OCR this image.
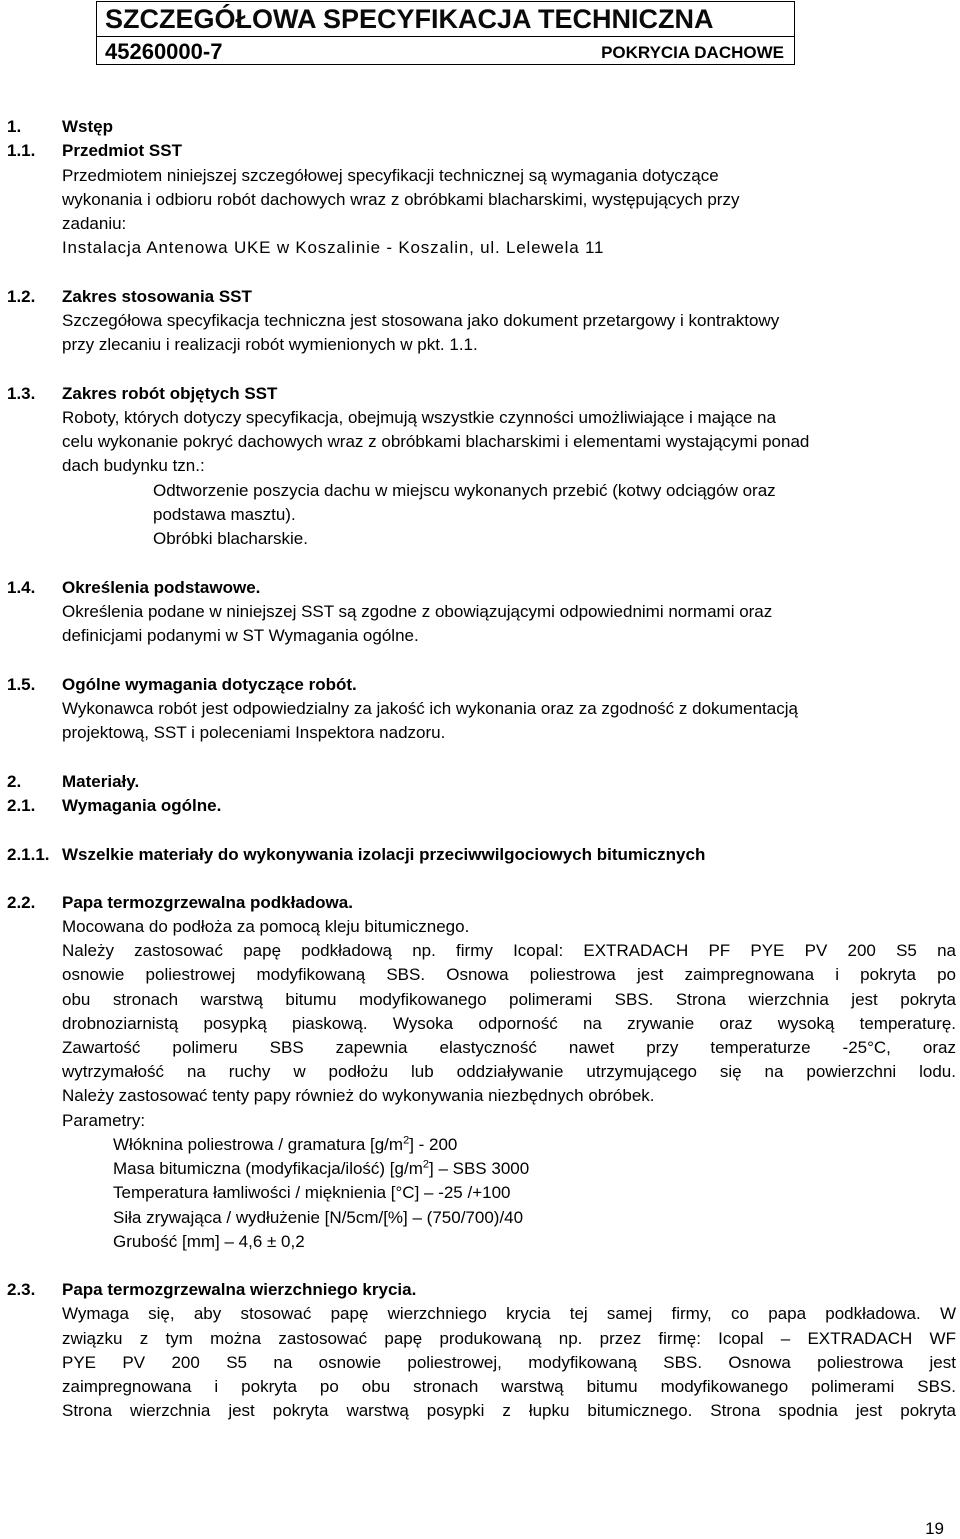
SZCZEGÓŁOWA SPECYFIKACJA TECHNICZNA
45260000-7	POKRYCIA DACHOWE
1. Wstęp
1.1. Przedmiot SST
Przedmiotem niniejszej szczegółowej specyfikacji technicznej są wymagania dotyczące
wykonania i odbioru robót dachowych wraz z obróbkami blacharskimi, występujących przy
zadaniu:
Instalacja Antenowa UKE w Koszalinie - Koszalin, ul. Lelewela 11
1.2. Zakres stosowania SST
Szczegółowa specyfikacja techniczna jest stosowana jako dokument przetargowy i kontraktowy
przy zlecaniu i realizacji robót wymienionych w pkt. 1.1.
1.3. Zakres robót objętych SST
Roboty, których dotyczy specyfikacja, obejmują wszystkie czynności umożliwiające i mające na
celu wykonanie pokryć dachowych wraz z obróbkami blacharskimi i elementami wystającymi ponad
dach budynku tzn.:
Odtworzenie poszycia dachu w miejscu wykonanych przebić (kotwy odciągów oraz
podstawa masztu).
Obróbki blacharskie.
1.4. Określenia podstawowe.
Określenia podane w niniejszej SST są zgodne z obowiązującymi odpowiednimi normami oraz
definicjami podanymi w ST Wymagania ogólne.
1.5. Ogólne wymagania dotyczące robót.
Wykonawca robót jest odpowiedzialny za jakość ich wykonania oraz za zgodność z dokumentacją
projektową, SST i poleceniami Inspektora nadzoru.
2. Materiały.
2.1. Wymagania ogólne.
2.1.1. Wszelkie materiały do wykonywania izolacji przeciwwilgociowych bitumicznych
2.2. Papa termozgrzewalna podkładowa.
Mocowana do podłoża za pomocą kleju bitumicznego.
Należy zastosować papę podkładową np. firmy Icopal: EXTRADACH PF PYE PV 200 S5 na
osnowie poliestrowej modyfikowaną SBS. Osnowa poliestrowa jest zaimpregnowana i pokryta po
obu stronach warstwą bitumu modyfikowanego polimerami SBS. Strona wierzchnia jest pokryta
drobnoziarnistą posypką piaskową. Wysoka odporność na zrywanie oraz wysoką temperaturę.
Zawartość polimeru SBS zapewnia elastyczność nawet przy temperaturze -25°C, oraz
wytrzymałość na ruchy w podłożu lub oddziaływanie utrzymującego się na powierzchni lodu.
Należy zastosować tenty papy również do wykonywania niezbędnych obróbek.
Parametry:
Włóknina poliestrowa / gramatura $[g/m^2] - 200$
Masa bitumiczna (modyfikacja/ilość) $[g/m^2]$ – SBS 3000
Temperatura łamliwości / mięknienia [°C] – -25 /+100
Siła zrywająca / wydłużenie [N/5cm/[%] – (750/700)/40
Grubość [mm] – 4,6 ± 0,2
2.3. Papa termozgrzewalna wierzchniego krycia.
Wymaga się, aby stosować papę wierzchniego krycia tej samej firmy, co papa podkładowa. W
związku z tym można zastosować papę produkowaną np. przez firmę: Icopal – EXTRADACH WF
PYE PV 200 S5 na osnowie poliestrowej, modyfikowaną SBS. Osnowa poliestrowa jest
zaimpregnowana i pokryta po obu stronach warstwą bitumu modyfikowanego polimerami SBS.
Strona wierzchnia jest pokryta warstwą posypki z łupku bitumicznego. Strona spodnia jest pokryta
19
